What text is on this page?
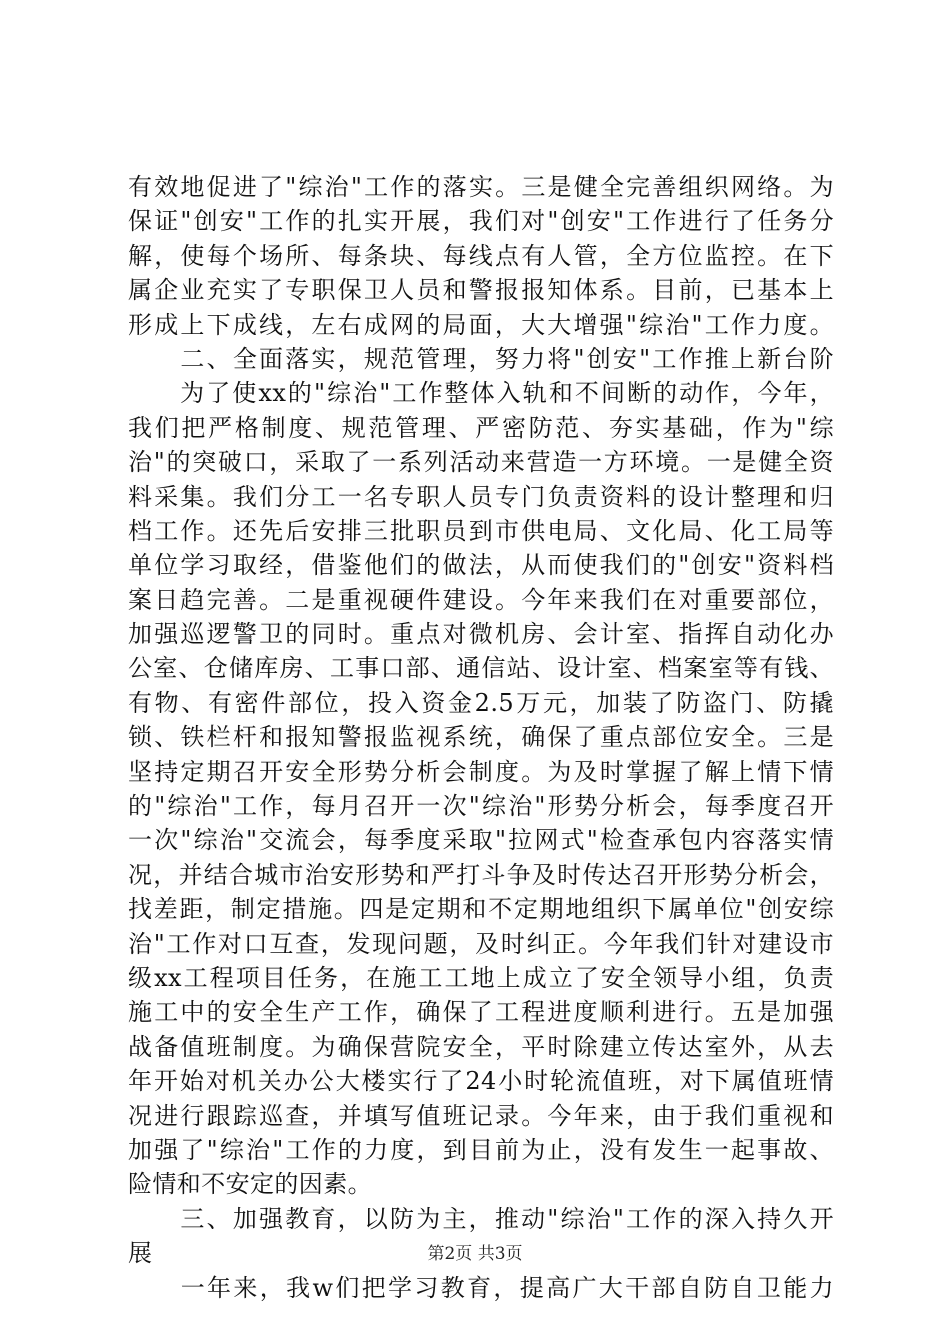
有效地促进了"综治"工作的落实。三是健全完善组织网络。为
保证"创安"工作的扎实开展，我们对"创安"工作进行了任务分
解，使每个场所、每条块、每线点有人管，全方位监控。在下
属企业充实了专职保卫人员和警报报知体系。目前，已基本上
形成上下成线，左右成网的局面，大大增强"综治"工作力度。
　　二、全面落实，规范管理，努力将"创安"工作推上新台阶
　　为了使xx的"综治"工作整体入轨和不间断的动作，今年，
我们把严格制度、规范管理、严密防范、夯实基础，作为"综
治"的突破口，采取了一系列活动来营造一方环境。一是健全资
料采集。我们分工一名专职人员专门负责资料的设计整理和归
档工作。还先后安排三批职员到市供电局、文化局、化工局等
单位学习取经，借鉴他们的做法，从而使我们的"创安"资料档
案日趋完善。二是重视硬件建设。今年来我们在对重要部位，
加强巡逻警卫的同时。重点对微机房、会计室、指挥自动化办
公室、仓储库房、工事口部、通信站、设计室、档案室等有钱、
有物、有密件部位，投入资金2.5万元，加装了防盗门、防撬
锁、铁栏杆和报知警报监视系统，确保了重点部位安全。三是
坚持定期召开安全形势分析会制度。为及时掌握了解上情下情
的"综治"工作，每月召开一次"综治"形势分析会，每季度召开
一次"综治"交流会，每季度采取"拉网式"检查承包内容落实情
况，并结合城市治安形势和严打斗争及时传达召开形势分析会，
找差距，制定措施。四是定期和不定期地组织下属单位"创安综
治"工作对口互查，发现问题，及时纠正。今年我们针对建设市
级xx工程项目任务，在施工工地上成立了安全领导小组，负责
施工中的安全生产工作，确保了工程进度顺利进行。五是加强
战备值班制度。为确保营院安全，平时除建立传达室外，从去
年开始对机关办公大楼实行了24小时轮流值班，对下属值班情
况进行跟踪巡查，并填写值班记录。今年来，由于我们重视和
加强了"综治"工作的力度，到目前为止，没有发生一起事故、
险情和不安定的因素。
　　三、加强教育，以防为主，推动"综治"工作的深入持久开
展
　　一年来，我w们把学习教育，提高广大干部自防自卫能力
第2页 共3页
